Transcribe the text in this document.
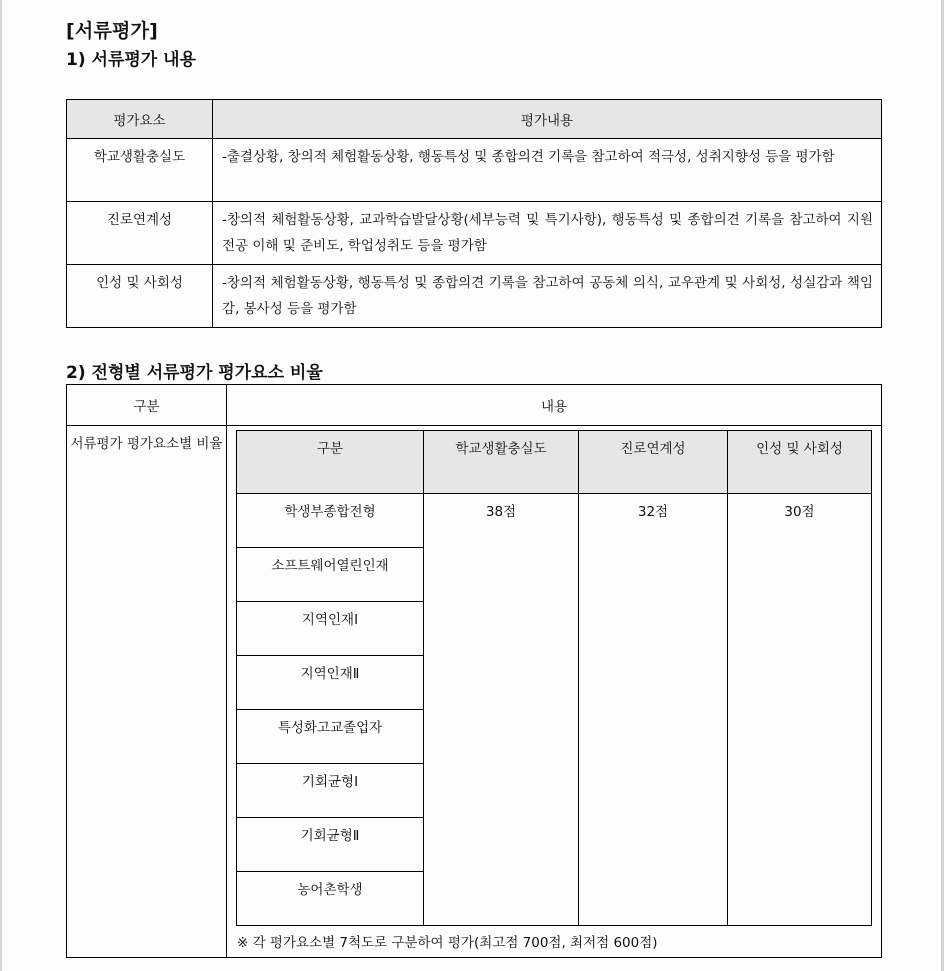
[서류평가]
1) 서류평가 내용
평가요소	평가내용
학교생활충실도	-출결상황, 창의적 체험활동상황, 행동특성 및 종합의견 기록을 참고하여 적극성, 성취지향성 등을 평가함
진로연계성	-창의적 체험활동상황, 교과학습발달상황(세부능력 및 특기사항), 행동특성 및 종합의견 기록을 참고하여 지원전공 이해 및 준비도, 학업성취도 등을 평가함
인성 및 사회성	-창의적 체험활동상황, 행동특성 및 종합의견 기록을 참고하여 공동체 의식, 교우관계 및 사회성, 성실감과 책임감, 봉사성 등을 평가함
2) 전형별 서류평가 평가요소 비율
구분	내용
서류평가 평가요소별 비율		구분	학교생활충실도	진로연계성	인성 및 사회성
학생부종합전형	38점	32점	30점
소프트웨어열린인재
지역인재Ⅰ
지역인재Ⅱ
특성화고교졸업자
기회균형Ⅰ
기회균형Ⅱ
농어촌학생
※ 각 평가요소별 7척도로 구분하여 평가(최고점 700점, 최저점 600점)
